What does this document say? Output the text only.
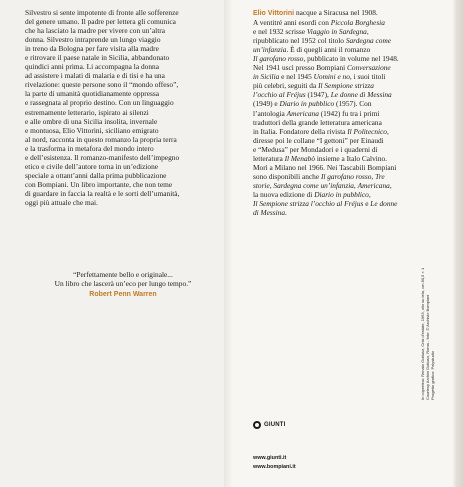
Silvestro si sente impotente di fronte alle sofferenze
del genere umano. Il padre per lettera gli comunica
che ha lasciato la madre per vivere con un’altra
donna. Silvestro intraprende un lungo viaggio
in treno da Bologna per fare visita alla madre
e ritrovare il paese natale in Sicilia, abbandonato
quindici anni prima. Li accompagna la donna
ad assistere i malati di malaria e di tisi e ha una
rivelazione: queste persone sono il “mondo offeso”,
la parte di umanità quotidianamente oppressa
e rassegnata al proprio destino. Con un linguaggio
estremamente letterario, ispirato ai silenzi
e alle ombre di una Sicilia insolita, invernale
e montuosa, Elio Vittorini, siciliano emigrato
al nord, racconta in questo romanzo la propria terra
e la trasforma in metafora del mondo intero
e dell’esistenza. Il romanzo-manifesto dell’impegno
etico e civile dell’autore torna in un’edizione
speciale a ottant’anni dalla prima pubblicazione
con Bompiani. Un libro importante, che non teme
di guardare in faccia la realtà e le sorti dell’umanità,
oggi più attuale che mai.
“Perfettamente bello e originale...
Un libro che lascerà un’eco per lungo tempo.”
Robert Penn Warren
Elio Vittorini nacque a Siracusa nel 1908.
A ventitré anni esordì con Piccola Borghesia
e nel 1932 scrisse Viaggio in Sardegna,
ripubblicato nel 1952 col titolo Sardegna come
un’infanzia. È di quegli anni il romanzo
Il garofano rosso, pubblicato in volume nel 1948.
Nel 1941 uscì presso Bompiani Conversazione
in Sicilia e nel 1945 Uomini e no, i suoi titoli
più celebri, seguiti da Il Sempione strizza
l’occhio al Fréjus (1947), Le donne di Messina
(1949) e Diario in pubblico (1957). Con
l’antologia Americana (1942) fu tra i primi
traduttori della grande letteratura americana
in Italia. Fondatore della rivista Il Politecnico,
diresse poi le collane “I gettoni” per Einaudi
e “Medusa” per Mondadori e i quaderni di
letteratura Il Menabò insieme a Italo Calvino.
Morì a Milano nel 1966. Nei Tascabili Bompiani
sono disponibili anche Il garofano rosso, Tre
storie, Sardegna come un’infanzia, Americana,
la nuova edizione di Diario in pubblico,
Il Sempione strizza l’occhio al Fréjus e Le donne
di Messina.
In copertina: Renato Guttuso, Crisi d’estate, 1963, olio su tela, cm 80,5 × 1 Courtesy Archivi Guttuso, Roma - foto: © Archivio Bompiani Progetto grafico: Polystudio
GIUNTI
www.giunti.it
www.bompiani.it
